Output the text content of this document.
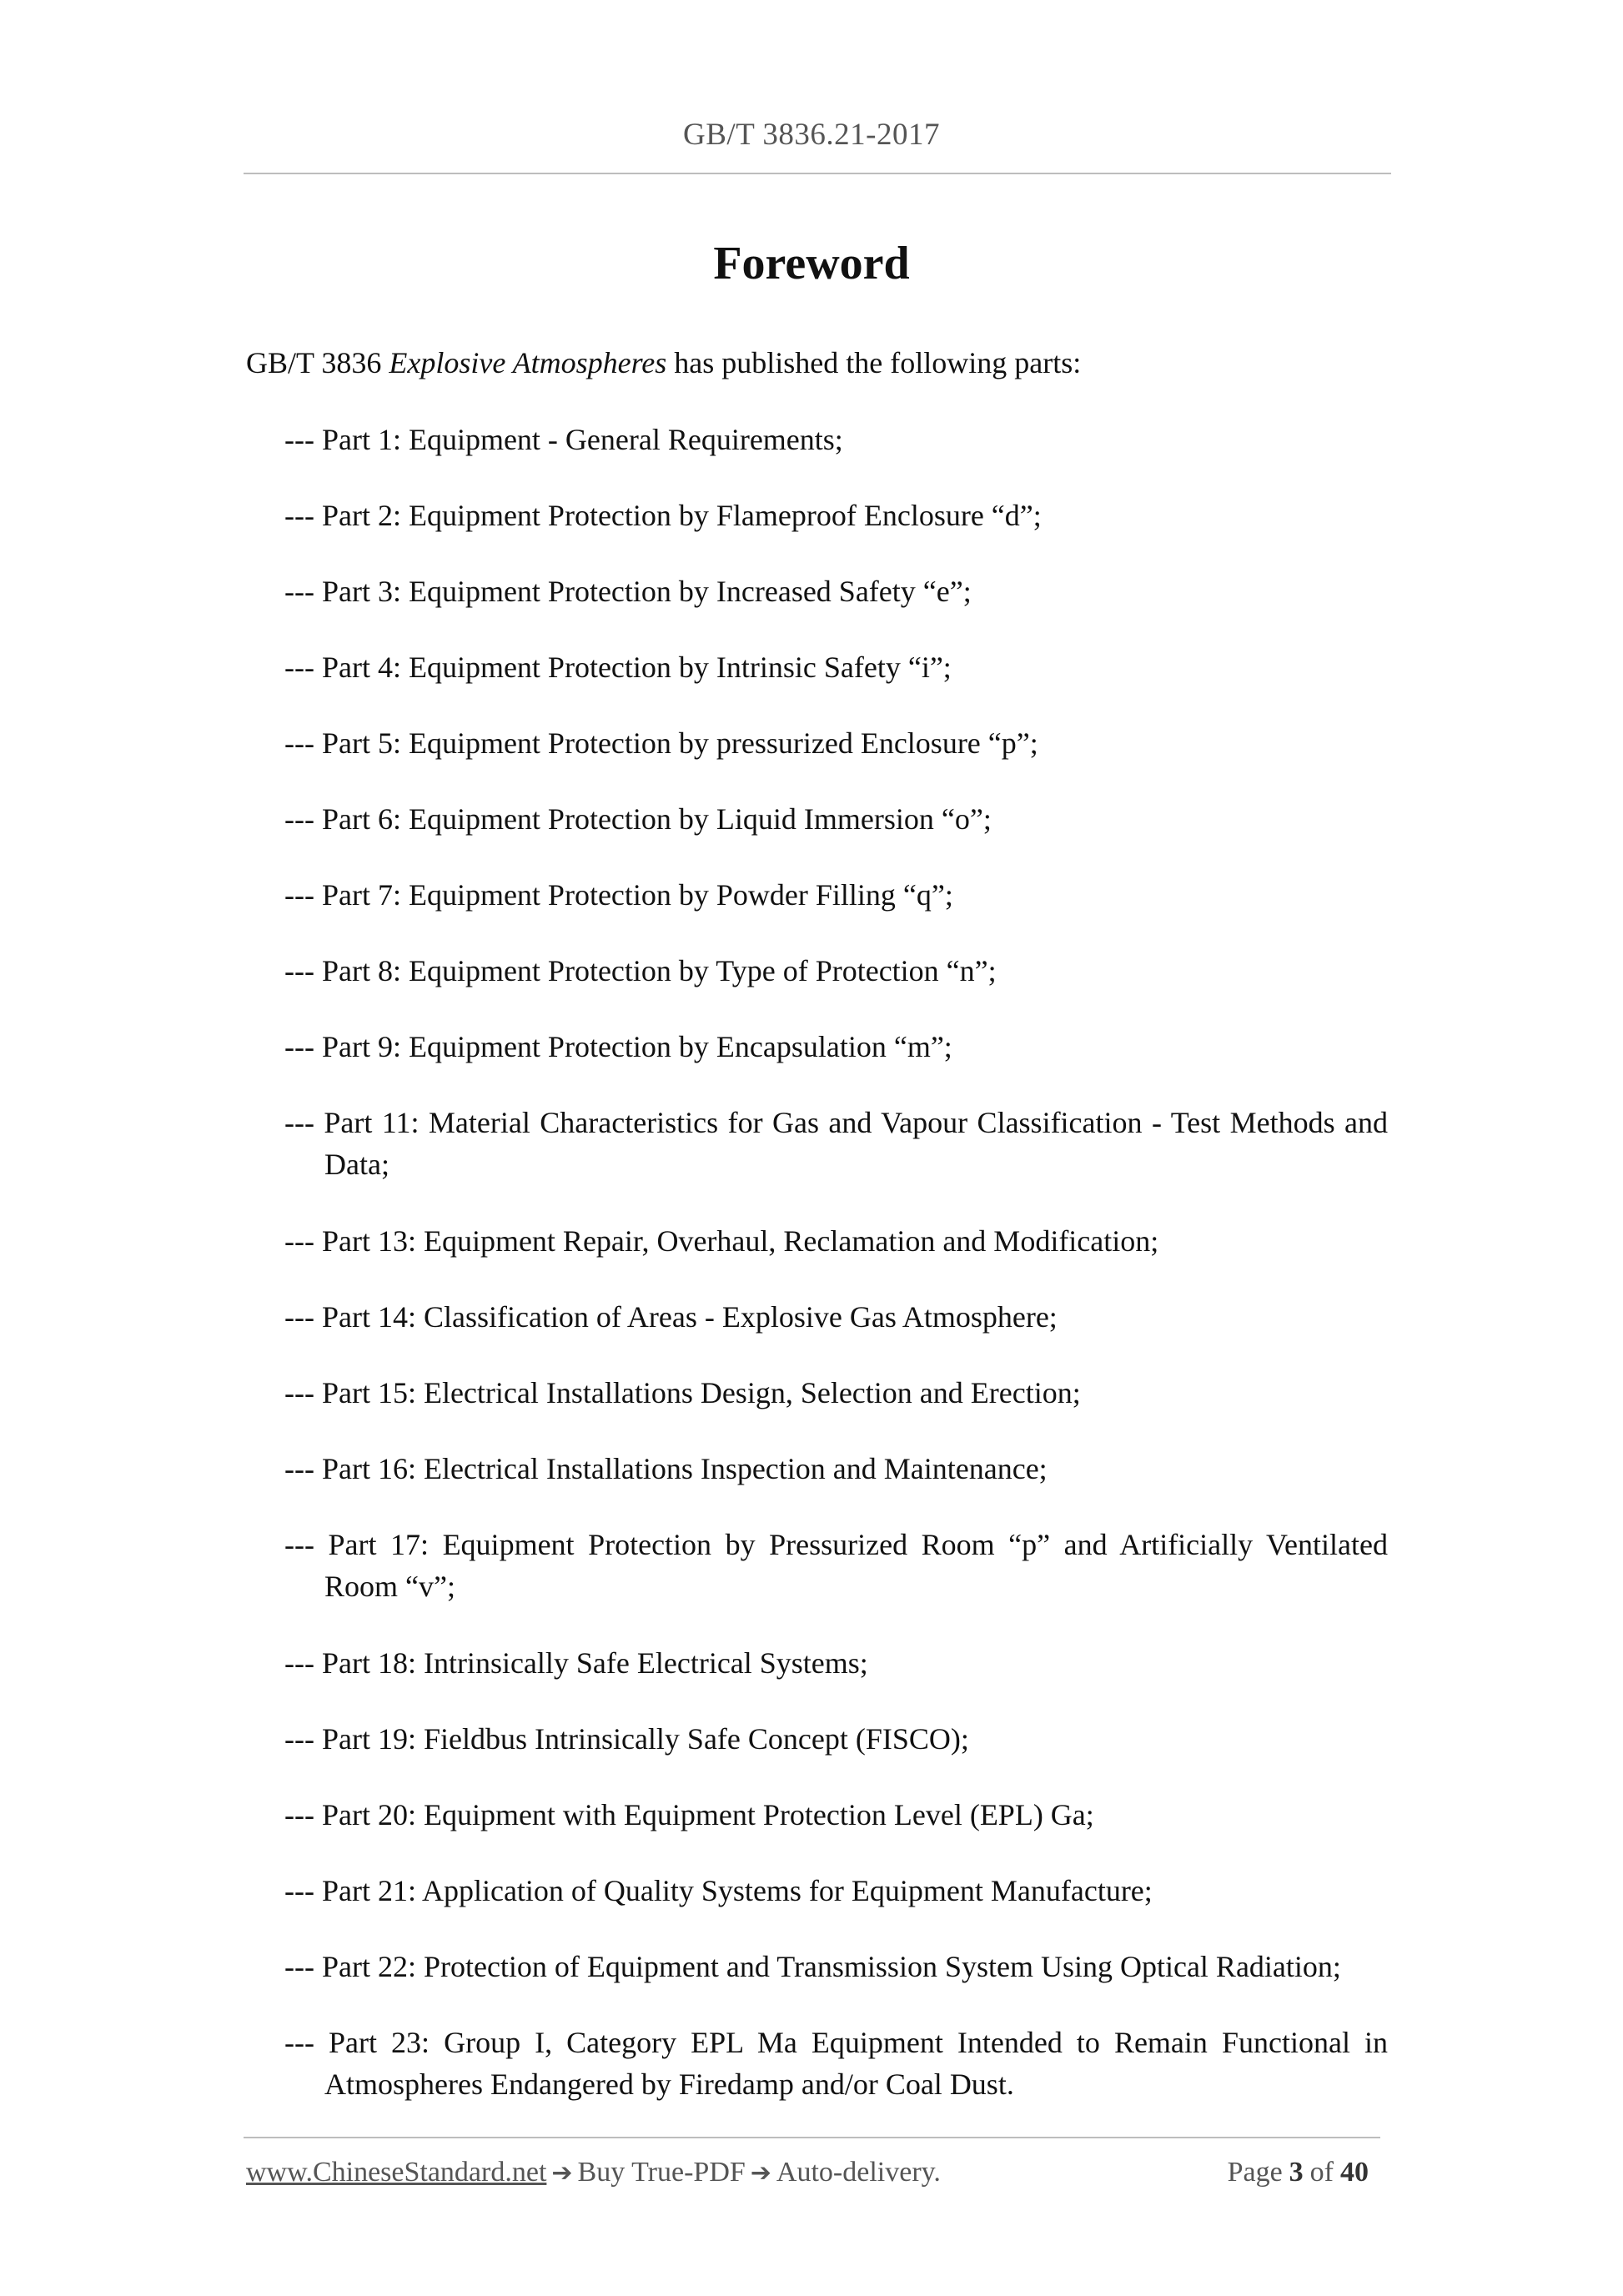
GB/T 3836.21-2017
Foreword

GB/T 3836 Explosive Atmospheres has published the following parts:

--- Part 1: Equipment - General Requirements;
--- Part 2: Equipment Protection by Flameproof Enclosure “d”;
--- Part 3: Equipment Protection by Increased Safety “e”;
--- Part 4: Equipment Protection by Intrinsic Safety “i”;
--- Part 5: Equipment Protection by pressurized Enclosure “p”;
--- Part 6: Equipment Protection by Liquid Immersion “o”;
--- Part 7: Equipment Protection by Powder Filling “q”;
--- Part 8: Equipment Protection by Type of Protection “n”;
--- Part 9: Equipment Protection by Encapsulation “m”;
--- Part 11: Material Characteristics for Gas and Vapour Classification - Test Methods and Data;
--- Part 13: Equipment Repair, Overhaul, Reclamation and Modification;
--- Part 14: Classification of Areas - Explosive Gas Atmosphere;
--- Part 15: Electrical Installations Design, Selection and Erection;
--- Part 16: Electrical Installations Inspection and Maintenance;
--- Part 17: Equipment Protection by Pressurized Room “p” and Artificially Ventilated Room “v”;
--- Part 18: Intrinsically Safe Electrical Systems;
--- Part 19: Fieldbus Intrinsically Safe Concept (FISCO);
--- Part 20: Equipment with Equipment Protection Level (EPL) Ga;
--- Part 21: Application of Quality Systems for Equipment Manufacture;
--- Part 22: Protection of Equipment and Transmission System Using Optical Radiation;
--- Part 23: Group I, Category EPL Ma Equipment Intended to Remain Functional in Atmospheres Endangered by Firedamp and/or Coal Dust.
www.ChineseStandard.net ➔ Buy True-PDF ➔ Auto-delivery.	Page 3 of 40
